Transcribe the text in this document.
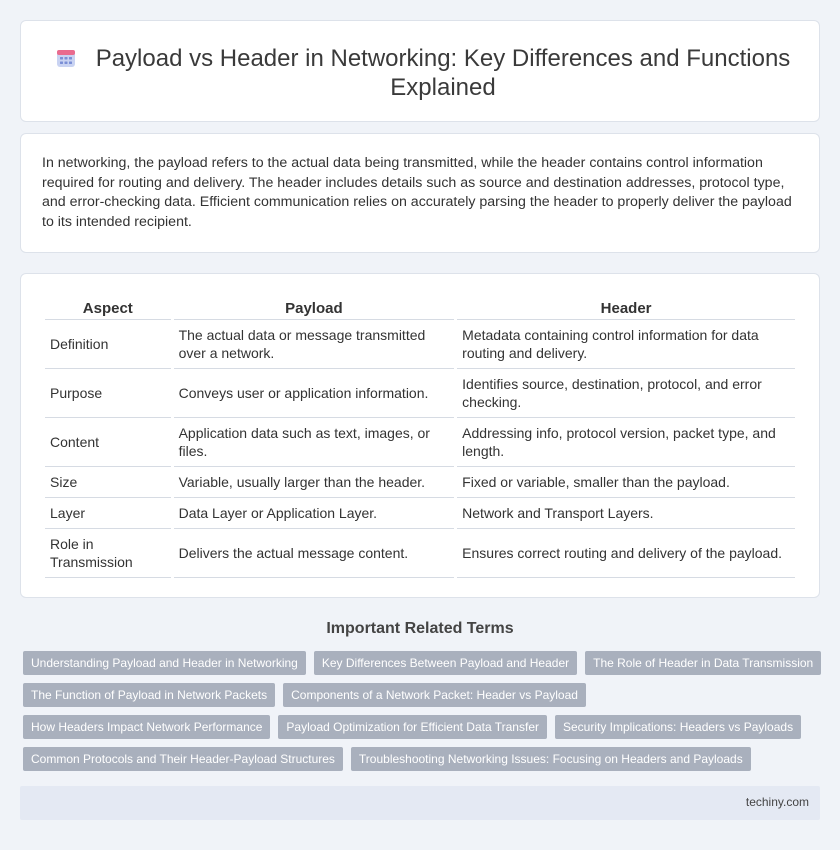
Payload vs Header in Networking: Key Differences and Functions Explained

In networking, the payload refers to the actual data being transmitted, while the header contains control information required for routing and delivery. The header includes details such as source and destination addresses, protocol type, and error-checking data. Efficient communication relies on accurately parsing the header to properly deliver the payload to its intended recipient.

Aspect	Payload	Header
Definition	The actual data or message transmitted over a network.	Metadata containing control information for data routing and delivery.
Purpose	Conveys user or application information.	Identifies source, destination, protocol, and error checking.
Content	Application data such as text, images, or files.	Addressing info, protocol version, packet type, and length.
Size	Variable, usually larger than the header.	Fixed or variable, smaller than the payload.
Layer	Data Layer or Application Layer.	Network and Transport Layers.
Role in Transmission	Delivers the actual message content.	Ensures correct routing and delivery of the payload.
Important Related Terms
Understanding Payload and Header in Networking	Key Differences Between Payload and Header	The Role of Header in Data Transmission
The Function of Payload in Network Packets	Components of a Network Packet: Header vs Payload
How Headers Impact Network Performance	Payload Optimization for Efficient Data Transfer	Security Implications: Headers vs Payloads
Common Protocols and Their Header-Payload Structures	Troubleshooting Networking Issues: Focusing on Headers and Payloads
techiny.com
